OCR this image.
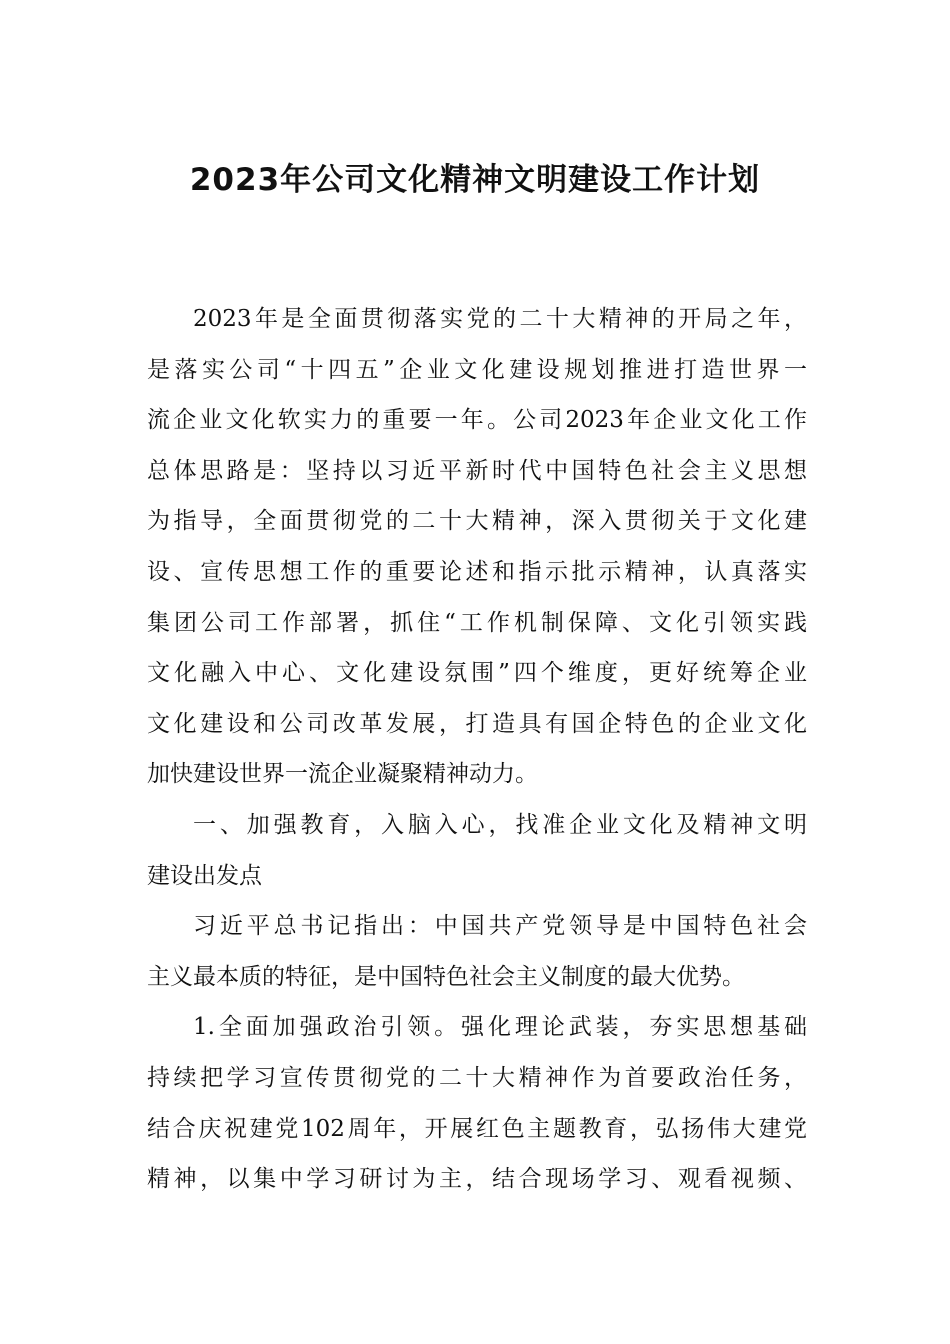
2023年公司文化精神文明建设工作计划
2023年是全面贯彻落实党的二十大精神的开局之年，
是落实公司“十四五”企业文化建设规划推进打造世界一
流企业文化软实力的重要一年。公司2023年企业文化工作
总体思路是：坚持以习近平新时代中国特色社会主义思想
为指导，全面贯彻党的二十大精神，深入贯彻关于文化建
设、宣传思想工作的重要论述和指示批示精神，认真落实
集团公司工作部署，抓住“工作机制保障、文化引领实践
文化融入中心、文化建设氛围”四个维度，更好统筹企业
文化建设和公司改革发展，打造具有国企特色的企业文化
加快建设世界一流企业凝聚精神动力。
一、加强教育，入脑入心，找准企业文化及精神文明
建设出发点
习近平总书记指出：中国共产党领导是中国特色社会
主义最本质的特征，是中国特色社会主义制度的最大优势。
1.全面加强政治引领。强化理论武装，夯实思想基础
持续把学习宣传贯彻党的二十大精神作为首要政治任务，
结合庆祝建党102周年，开展红色主题教育，弘扬伟大建党
精神，以集中学习研讨为主，结合现场学习、观看视频、
